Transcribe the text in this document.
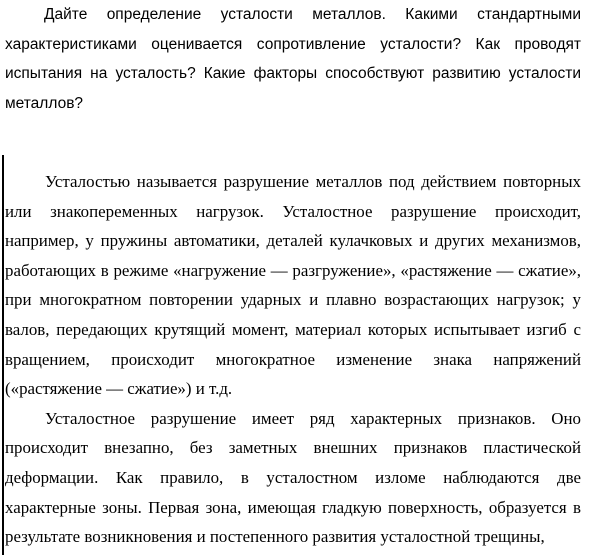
Дайте определение усталости металлов. Какими стандартными характеристиками оценивается сопротивление усталости? Как проводят испытания на усталость? Какие факторы способствуют развитию усталости металлов?

Усталостью называется разрушение металлов под действием повторных или знакопеременных нагрузок. Усталостное разрушение происходит, например, у пружины автоматики, деталей кулачковых и других механизмов, работающих в режиме «нагружение — разгружение», «растяжение — сжатие», при многократном повторении ударных и плавно возрастающих нагрузок; у валов, передающих крутящий момент, материал которых испытывает изгиб с вращением, происходит многократное изменение знака напряжений («растяжение — сжатие») и т.д.

Усталостное разрушение имеет ряд характерных признаков. Оно происходит внезапно, без заметных внешних признаков пластической деформации. Как правило, в усталостном изломе наблюдаются две характерные зоны. Первая зона, имеющая гладкую поверхность, образуется в результате возникновения и постепенного развития усталостной трещины,
